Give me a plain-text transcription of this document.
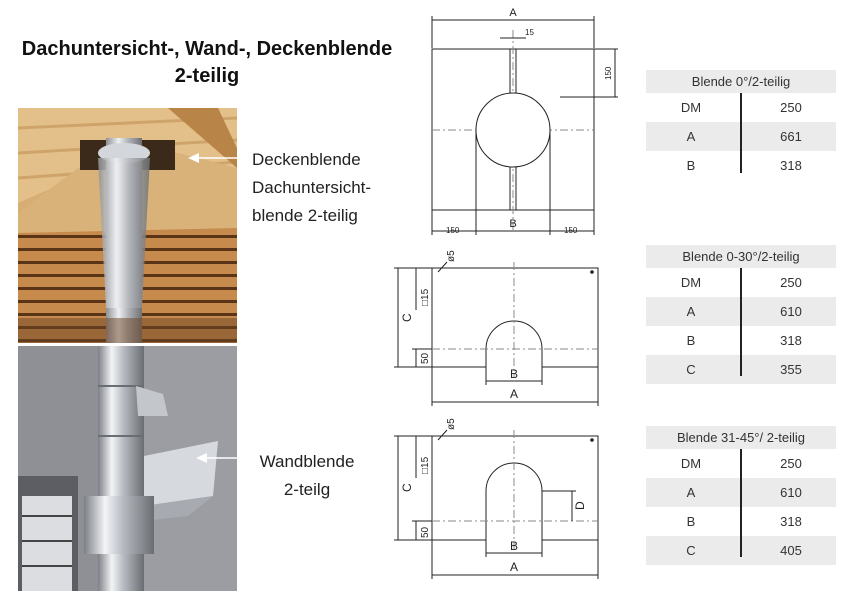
Dachuntersicht-, Wand-, Deckenblende
2-teilig
Deckenblende
Dachuntersicht-
blende 2-teilig
Wandblende
2-teilg
A
15
150
B
150	150
ø5
□15
C
50
B
A
ø5
□15
C
50
D
B
A
Blende 0°/2-teilig
DM	250
A	661
B	318
Blende 0-30°/2-teilig
DM	250
A	610
B	318
C	355
Blende 31-45°/ 2-teilig
DM	250
A	610
B	318
C	405
